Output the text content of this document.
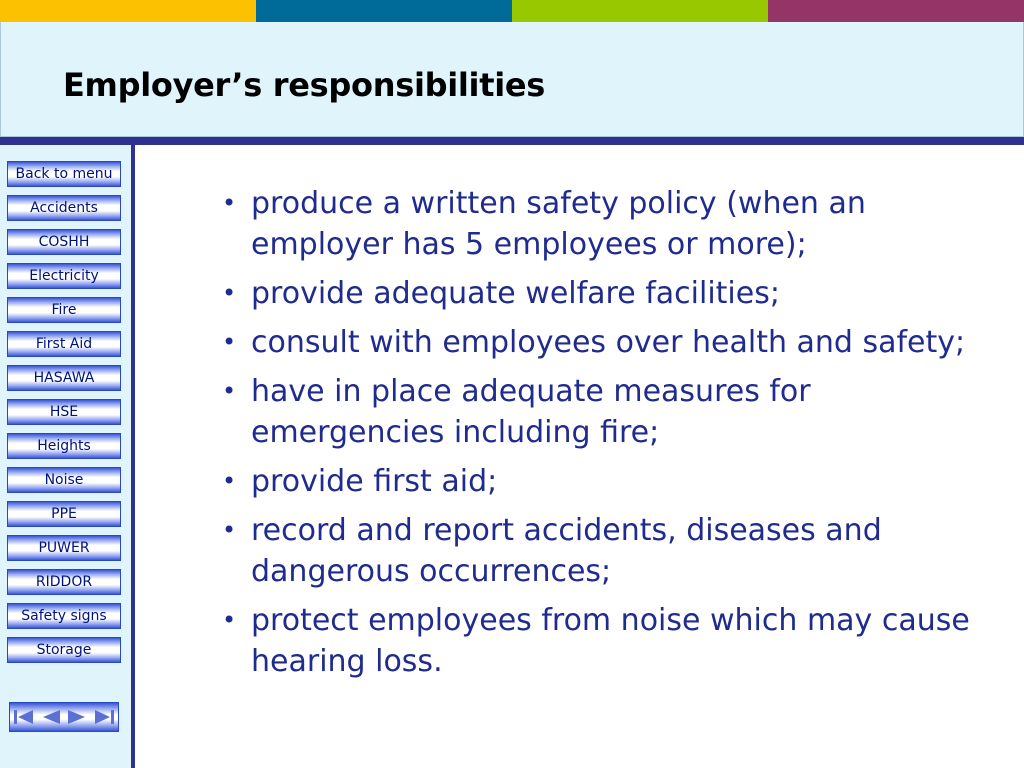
Employer’s responsibilities
Back to menu
Accidents
COSHH
Electricity
Fire
First Aid
HASAWA
HSE
Heights
Noise
PPE
PUWER
RIDDOR
Safety signs
Storage
• produce a written safety policy (when an employer has 5 employees or more);
• provide adequate welfare facilities;
• consult with employees over health and safety;
• have in place adequate measures for emergencies including fire;
• provide first aid;
• record and report accidents, diseases and dangerous occurrences;
• protect employees from noise which may cause hearing loss.
